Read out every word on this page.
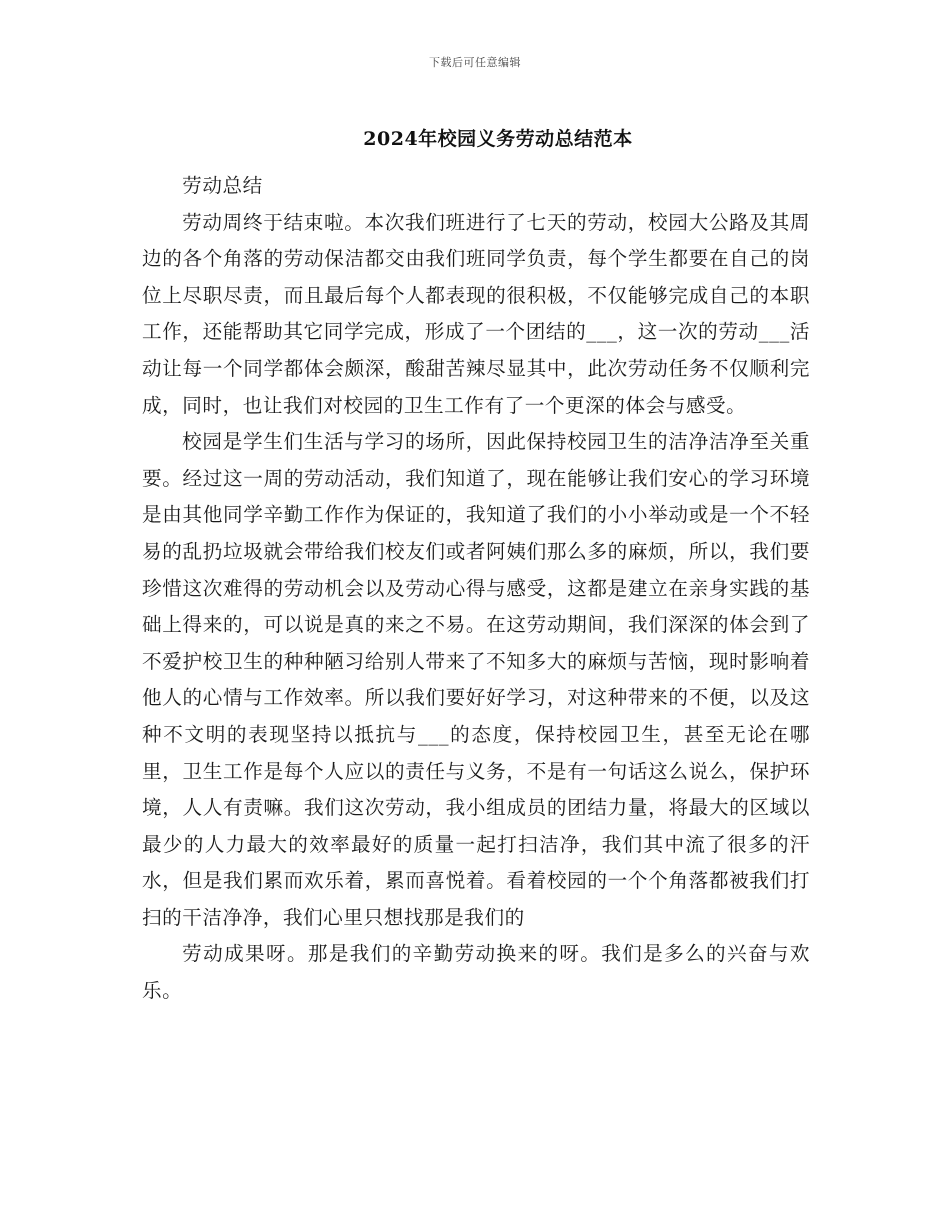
下载后可任意编辑
2024年校园义务劳动总结范本

劳动总结

劳动周终于结束啦。本次我们班进行了七天的劳动，校园大公路及其周边的各个角落的劳动保洁都交由我们班同学负责，每个学生都要在自己的岗位上尽职尽责，而且最后每个人都表现的很积极，不仅能够完成自己的本职工作，还能帮助其它同学完成，形成了一个团结的___，这一次的劳动___活动让每一个同学都体会颇深，酸甜苦辣尽显其中，此次劳动任务不仅顺利完成，同时，也让我们对校园的卫生工作有了一个更深的体会与感受。

校园是学生们生活与学习的场所，因此保持校园卫生的洁净洁净至关重要。经过这一周的劳动活动，我们知道了，现在能够让我们安心的学习环境是由其他同学辛勤工作作为保证的，我知道了我们的小小举动或是一个不轻易的乱扔垃圾就会带给我们校友们或者阿姨们那么多的麻烦，所以，我们要珍惜这次难得的劳动机会以及劳动心得与感受，这都是建立在亲身实践的基础上得来的，可以说是真的来之不易。在这劳动期间，我们深深的体会到了不爱护校卫生的种种陋习给别人带来了不知多大的麻烦与苦恼，现时影响着他人的心情与工作效率。所以我们要好好学习，对这种带来的不便，以及这种不文明的表现坚持以抵抗与___的态度，保持校园卫生，甚至无论在哪里，卫生工作是每个人应以的责任与义务，不是有一句话这么说么，保护环境，人人有责嘛。我们这次劳动，我小组成员的团结力量，将最大的区域以最少的人力最大的效率最好的质量一起打扫洁净，我们其中流了很多的汗水，但是我们累而欢乐着，累而喜悦着。看着校园的一个个角落都被我们打扫的干洁净净，我们心里只想找那是我们的

劳动成果呀。那是我们的辛勤劳动换来的呀。我们是多么的兴奋与欢乐。
